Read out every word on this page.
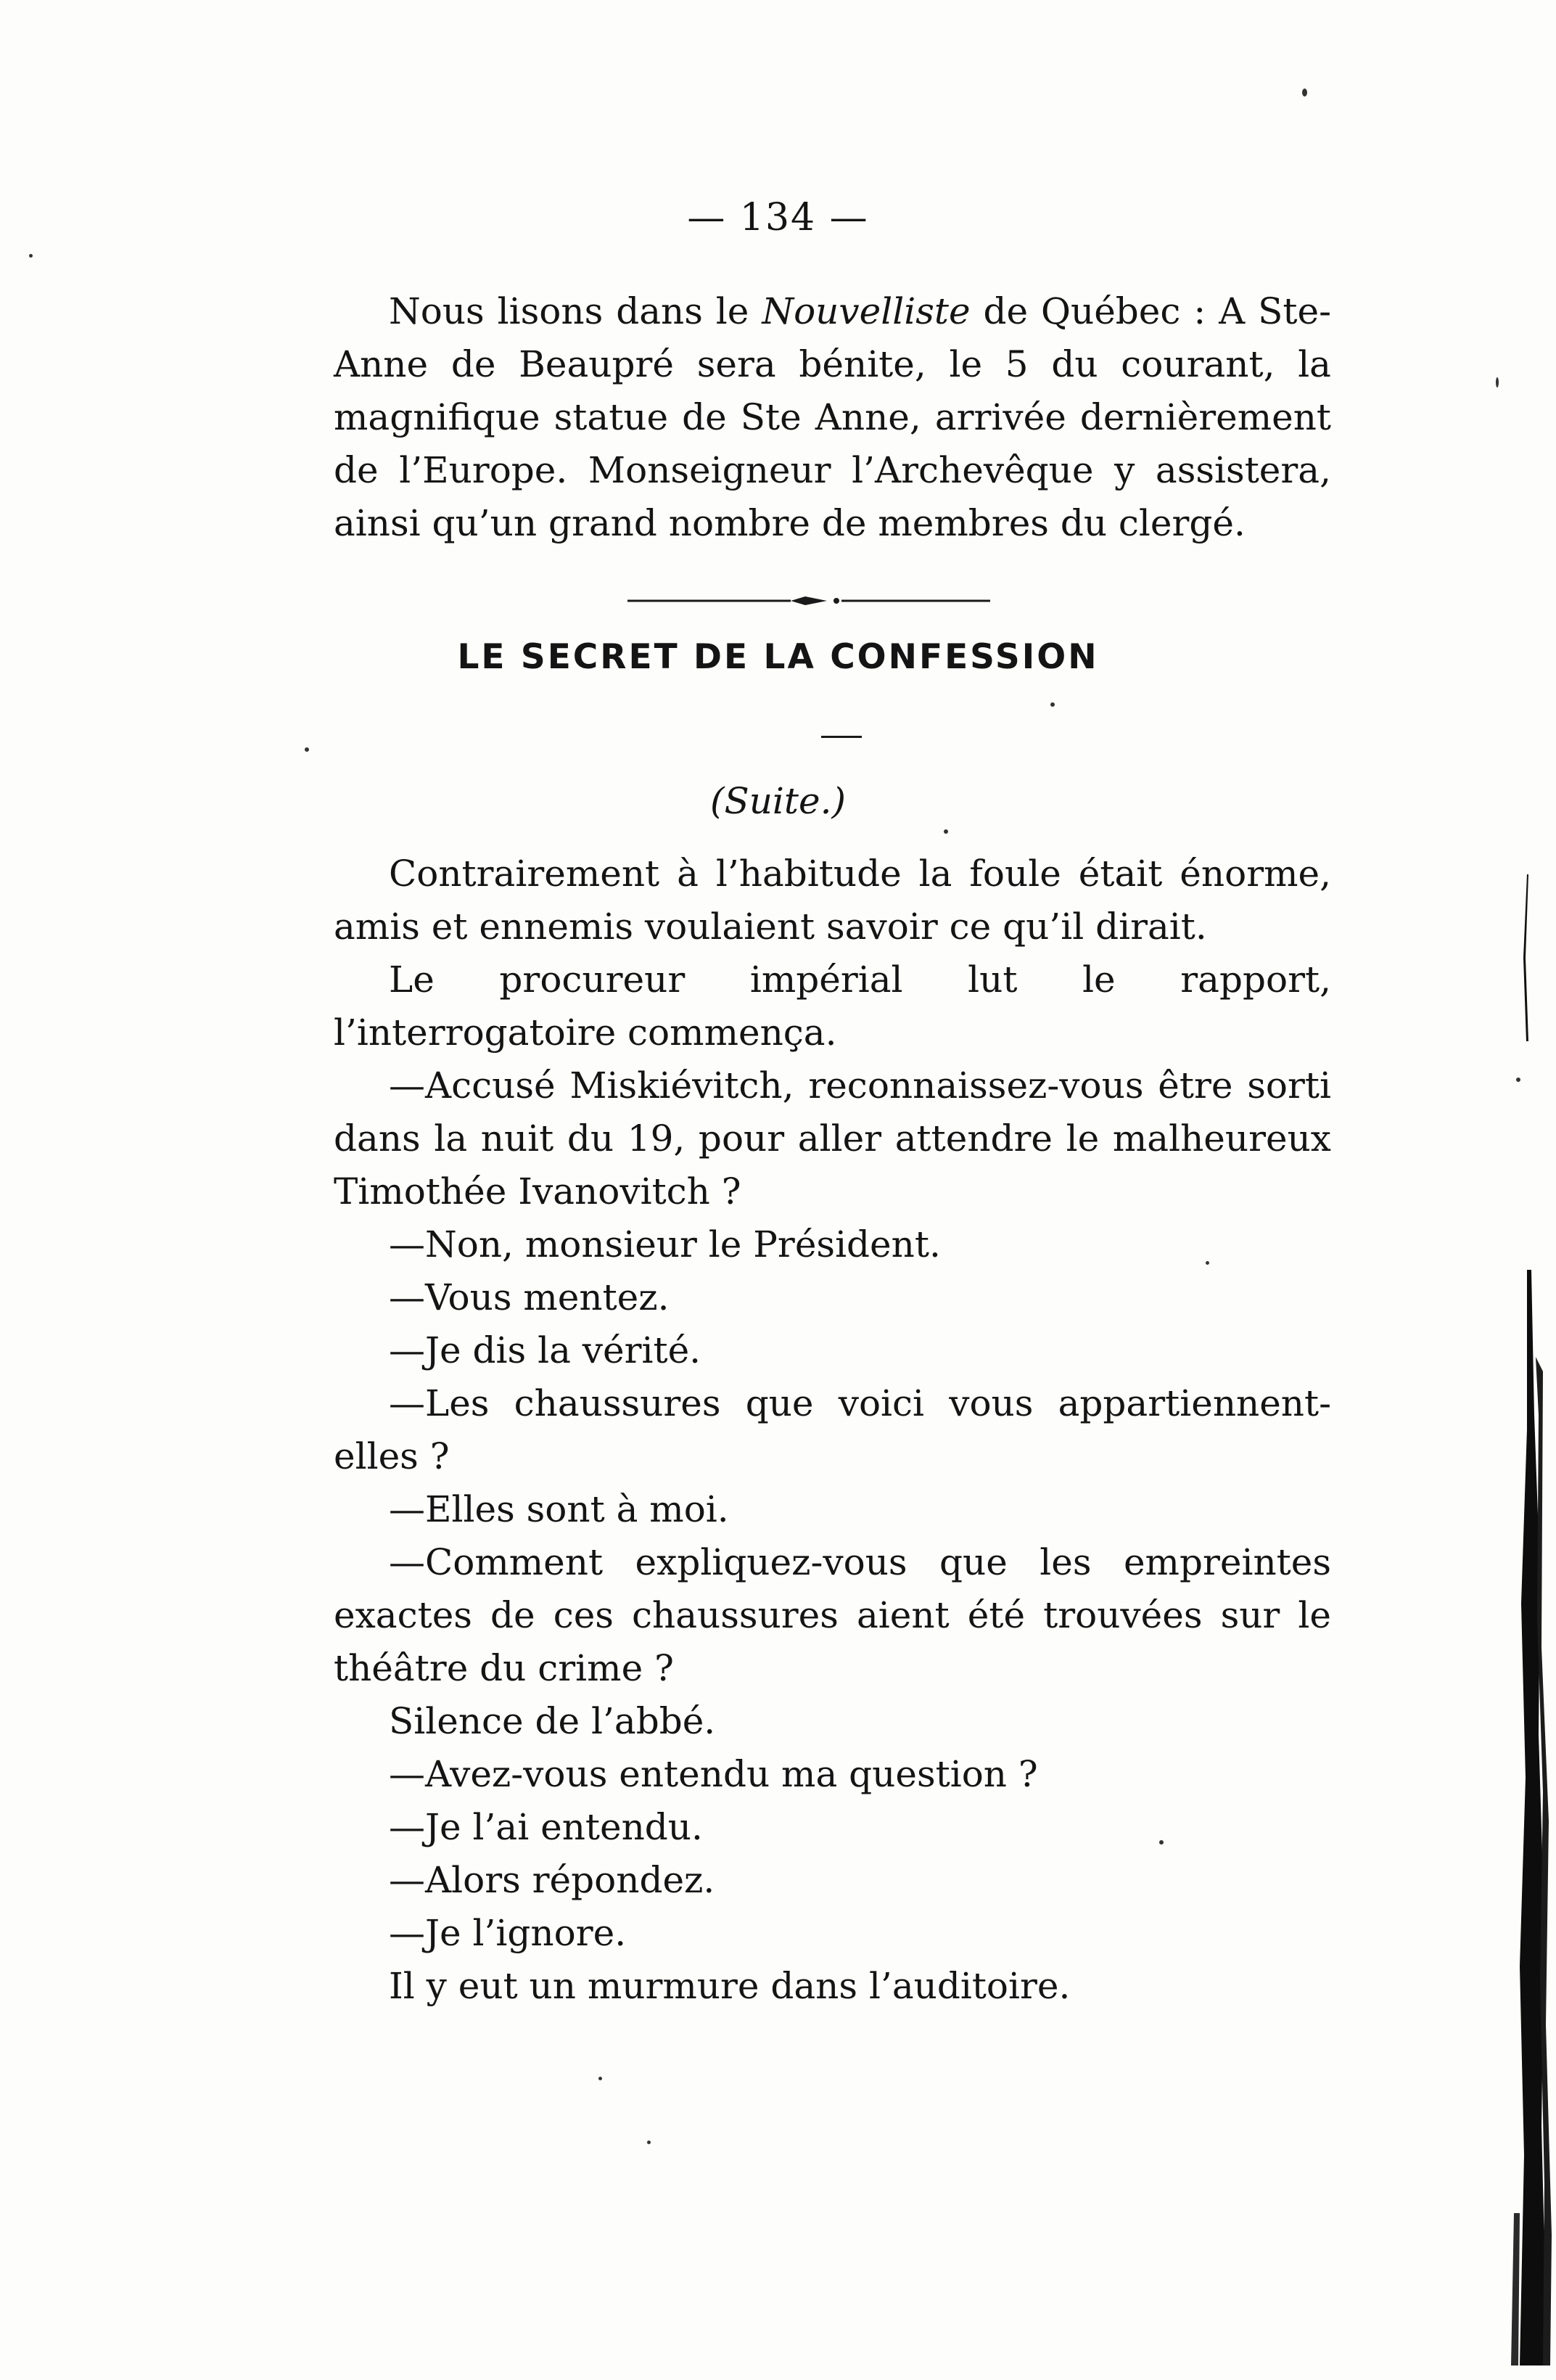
— 134 —

Nous lisons dans le Nouvelliste de Québec : A Ste-Anne de Beaupré sera bénite, le 5 du courant, la magnifique statue de Ste Anne, arrivée dernièrement de l’Europe. Monseigneur l’Archevêque y assistera, ainsi qu’un grand nombre de membres du clergé.

LE SECRET DE LA CONFESSION
(Suite.)

Contrairement à l’habitude la foule était énorme, amis et ennemis voulaient savoir ce qu’il dirait.

Le procureur impérial lut le rapport, l’interrogatoire commença.

—Accusé Miskiévitch, reconnaissez-vous être sorti dans la nuit du 19, pour aller attendre le malheureux Timothée Ivanovitch ?

—Non, monsieur le Président.

—Vous mentez.

—Je dis la vérité.

—Les chaussures que voici vous appartiennent-elles ?

—Elles sont à moi.

—Comment expliquez-vous que les empreintes exactes de ces chaussures aient été trouvées sur le théâtre du crime ?

Silence de l’abbé.

—Avez-vous entendu ma question ?

—Je l’ai entendu.

—Alors répondez.

—Je l’ignore.

Il y eut un murmure dans l’auditoire.
